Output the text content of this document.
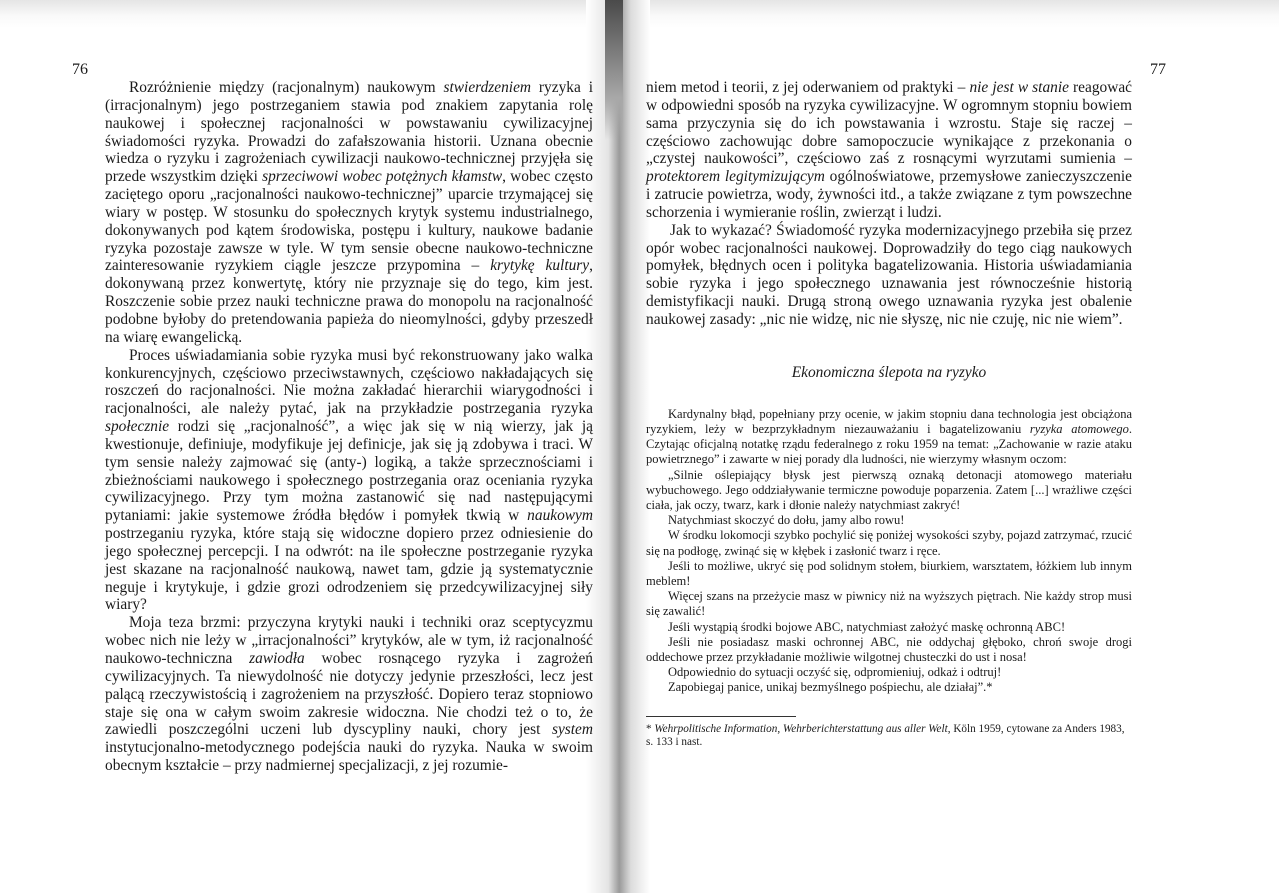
76	77

Rozróżnienie między (racjonalnym) naukowym stwierdzeniem ryzyka i (irracjonalnym) jego postrzeganiem stawia pod znakiem zapytania rolę naukowej i społecznej racjonalności w powstawaniu cywilizacyjnej świadomości ryzyka. Prowadzi do zafałszowania historii. Uznana obecnie wiedza o ryzyku i zagrożeniach cywilizacji naukowo-technicznej przyjęła się przede wszystkim dzięki sprzeciwowi wobec potężnych kłamstw, wobec często zaciętego oporu „racjonalności naukowo-technicznej” uparcie trzymającej się wiary w postęp. W stosunku do społecznych krytyk systemu industrialnego, dokonywanych pod kątem środowiska, postępu i kultury, naukowe badanie ryzyka pozostaje zawsze w tyle. W tym sensie obecne naukowo-techniczne zainteresowanie ryzykiem ciągle jeszcze przypomina – krytykę kultury, dokonywaną przez konwertytę, który nie przyznaje się do tego, kim jest. Roszczenie sobie przez nauki techniczne prawa do monopolu na racjonalność podobne byłoby do pretendowania papieża do nieomylności, gdyby przeszedł na wiarę ewangelicką.

Proces uświadamiania sobie ryzyka musi być rekonstruowany jako walka konkurencyjnych, częściowo przeciwstawnych, częściowo nakładających się roszczeń do racjonalności. Nie można zakładać hierarchii wiarygodności i racjonalności, ale należy pytać, jak na przykładzie postrzegania ryzyka społecznie rodzi się „racjonalność”, a więc jak się w nią wierzy, jak ją kwestionuje, definiuje, modyfikuje jej definicje, jak się ją zdobywa i traci. W tym sensie należy zajmować się (anty-) logiką, a także sprzecznościami i zbieżnościami naukowego i społecznego postrzegania oraz oceniania ryzyka cywilizacyjnego. Przy tym można zastanowić się nad następującymi pytaniami: jakie systemowe źródła błędów i pomyłek tkwią w naukowym postrzeganiu ryzyka, które stają się widoczne dopiero przez odniesienie do jego społecznej percepcji. I na odwrót: na ile społeczne postrzeganie ryzyka jest skazane na racjonalność naukową, nawet tam, gdzie ją systematycznie neguje i krytykuje, i gdzie grozi odrodzeniem się przedcywilizacyjnej siły wiary?

Moja teza brzmi: przyczyna krytyki nauki i techniki oraz sceptycyzmu wobec nich nie leży w „irracjonalności” krytyków, ale w tym, iż racjonalność naukowo-techniczna zawiodła wobec rosnącego ryzyka i zagrożeń cywilizacyjnych. Ta niewydolność nie dotyczy jedynie przeszłości, lecz jest palącą rzeczywistością i zagrożeniem na przyszłość. Dopiero teraz stopniowo staje się ona w całym swoim zakresie widoczna. Nie chodzi też o to, że zawiedli poszczególni uczeni lub dyscypliny nauki, chory jest system instytucjonalno-metodycznego podejścia nauki do ryzyka. Nauka w swoim obecnym kształcie – przy nadmiernej specjalizacji, z jej rozumie-

niem metod i teorii, z jej oderwaniem od praktyki – nie jest w stanie reagować w odpowiedni sposób na ryzyka cywilizacyjne. W ogromnym stopniu bowiem sama przyczynia się do ich powstawania i wzrostu. Staje się raczej – częściowo zachowując dobre samopoczucie wynikające z przekonania o „czystej naukowości”, częściowo zaś z rosnącymi wyrzutami sumienia – protektorem legitymizującym ogólnoświatowe, przemysłowe zanieczyszczenie i zatrucie powietrza, wody, żywności itd., a także związane z tym powszechne schorzenia i wymieranie roślin, zwierząt i ludzi.

Jak to wykazać? Świadomość ryzyka modernizacyjnego przebiła się przez opór wobec racjonalności naukowej. Doprowadziły do tego ciąg naukowych pomyłek, błędnych ocen i polityka bagatelizowania. Historia uświadamiania sobie ryzyka i jego społecznego uznawania jest równocześnie historią demistyfikacji nauki. Drugą stroną owego uznawania ryzyka jest obalenie naukowej zasady: „nic nie widzę, nic nie słyszę, nic nie czuję, nic nie wiem”.

Ekonomiczna ślepota na ryzyko

Kardynalny błąd, popełniany przy ocenie, w jakim stopniu dana technologia jest obciążona ryzykiem, leży w bezprzykładnym niezauważaniu i bagatelizowaniu ryzyka atomowego. Czytając oficjalną notatkę rządu federalnego z roku 1959 na temat: „Zachowanie w razie ataku powietrznego” i zawarte w niej porady dla ludności, nie wierzymy własnym oczom:

„Silnie oślepiający błysk jest pierwszą oznaką detonacji atomowego materiału wybuchowego. Jego oddziaływanie termiczne powoduje poparzenia. Zatem [...] wrażliwe części ciała, jak oczy, twarz, kark i dłonie należy natychmiast zakryć!

Natychmiast skoczyć do dołu, jamy albo rowu!

W środku lokomocji szybko pochylić się poniżej wysokości szyby, pojazd zatrzymać, rzucić się na podłogę, zwinąć się w kłębek i zasłonić twarz i ręce.

Jeśli to możliwe, ukryć się pod solidnym stołem, biurkiem, warsztatem, łóżkiem lub innym meblem!

Więcej szans na przeżycie masz w piwnicy niż na wyższych piętrach. Nie każdy strop musi się zawalić!

Jeśli wystąpią środki bojowe ABC, natychmiast założyć maskę ochronną ABC!

Jeśli nie posiadasz maski ochronnej ABC, nie oddychaj głęboko, chroń swoje drogi oddechowe przez przykładanie możliwie wilgotnej chusteczki do ust i nosa!

Odpowiednio do sytuacji oczyść się, odpromieniuj, odkaż i odtruj!

Zapobiegaj panice, unikaj bezmyślnego pośpiechu, ale działaj”.*

* Wehrpolitische Information, Wehrberichterstattung aus aller Welt, Köln 1959, cytowane za Anders 1983, s. 133 i nast.
